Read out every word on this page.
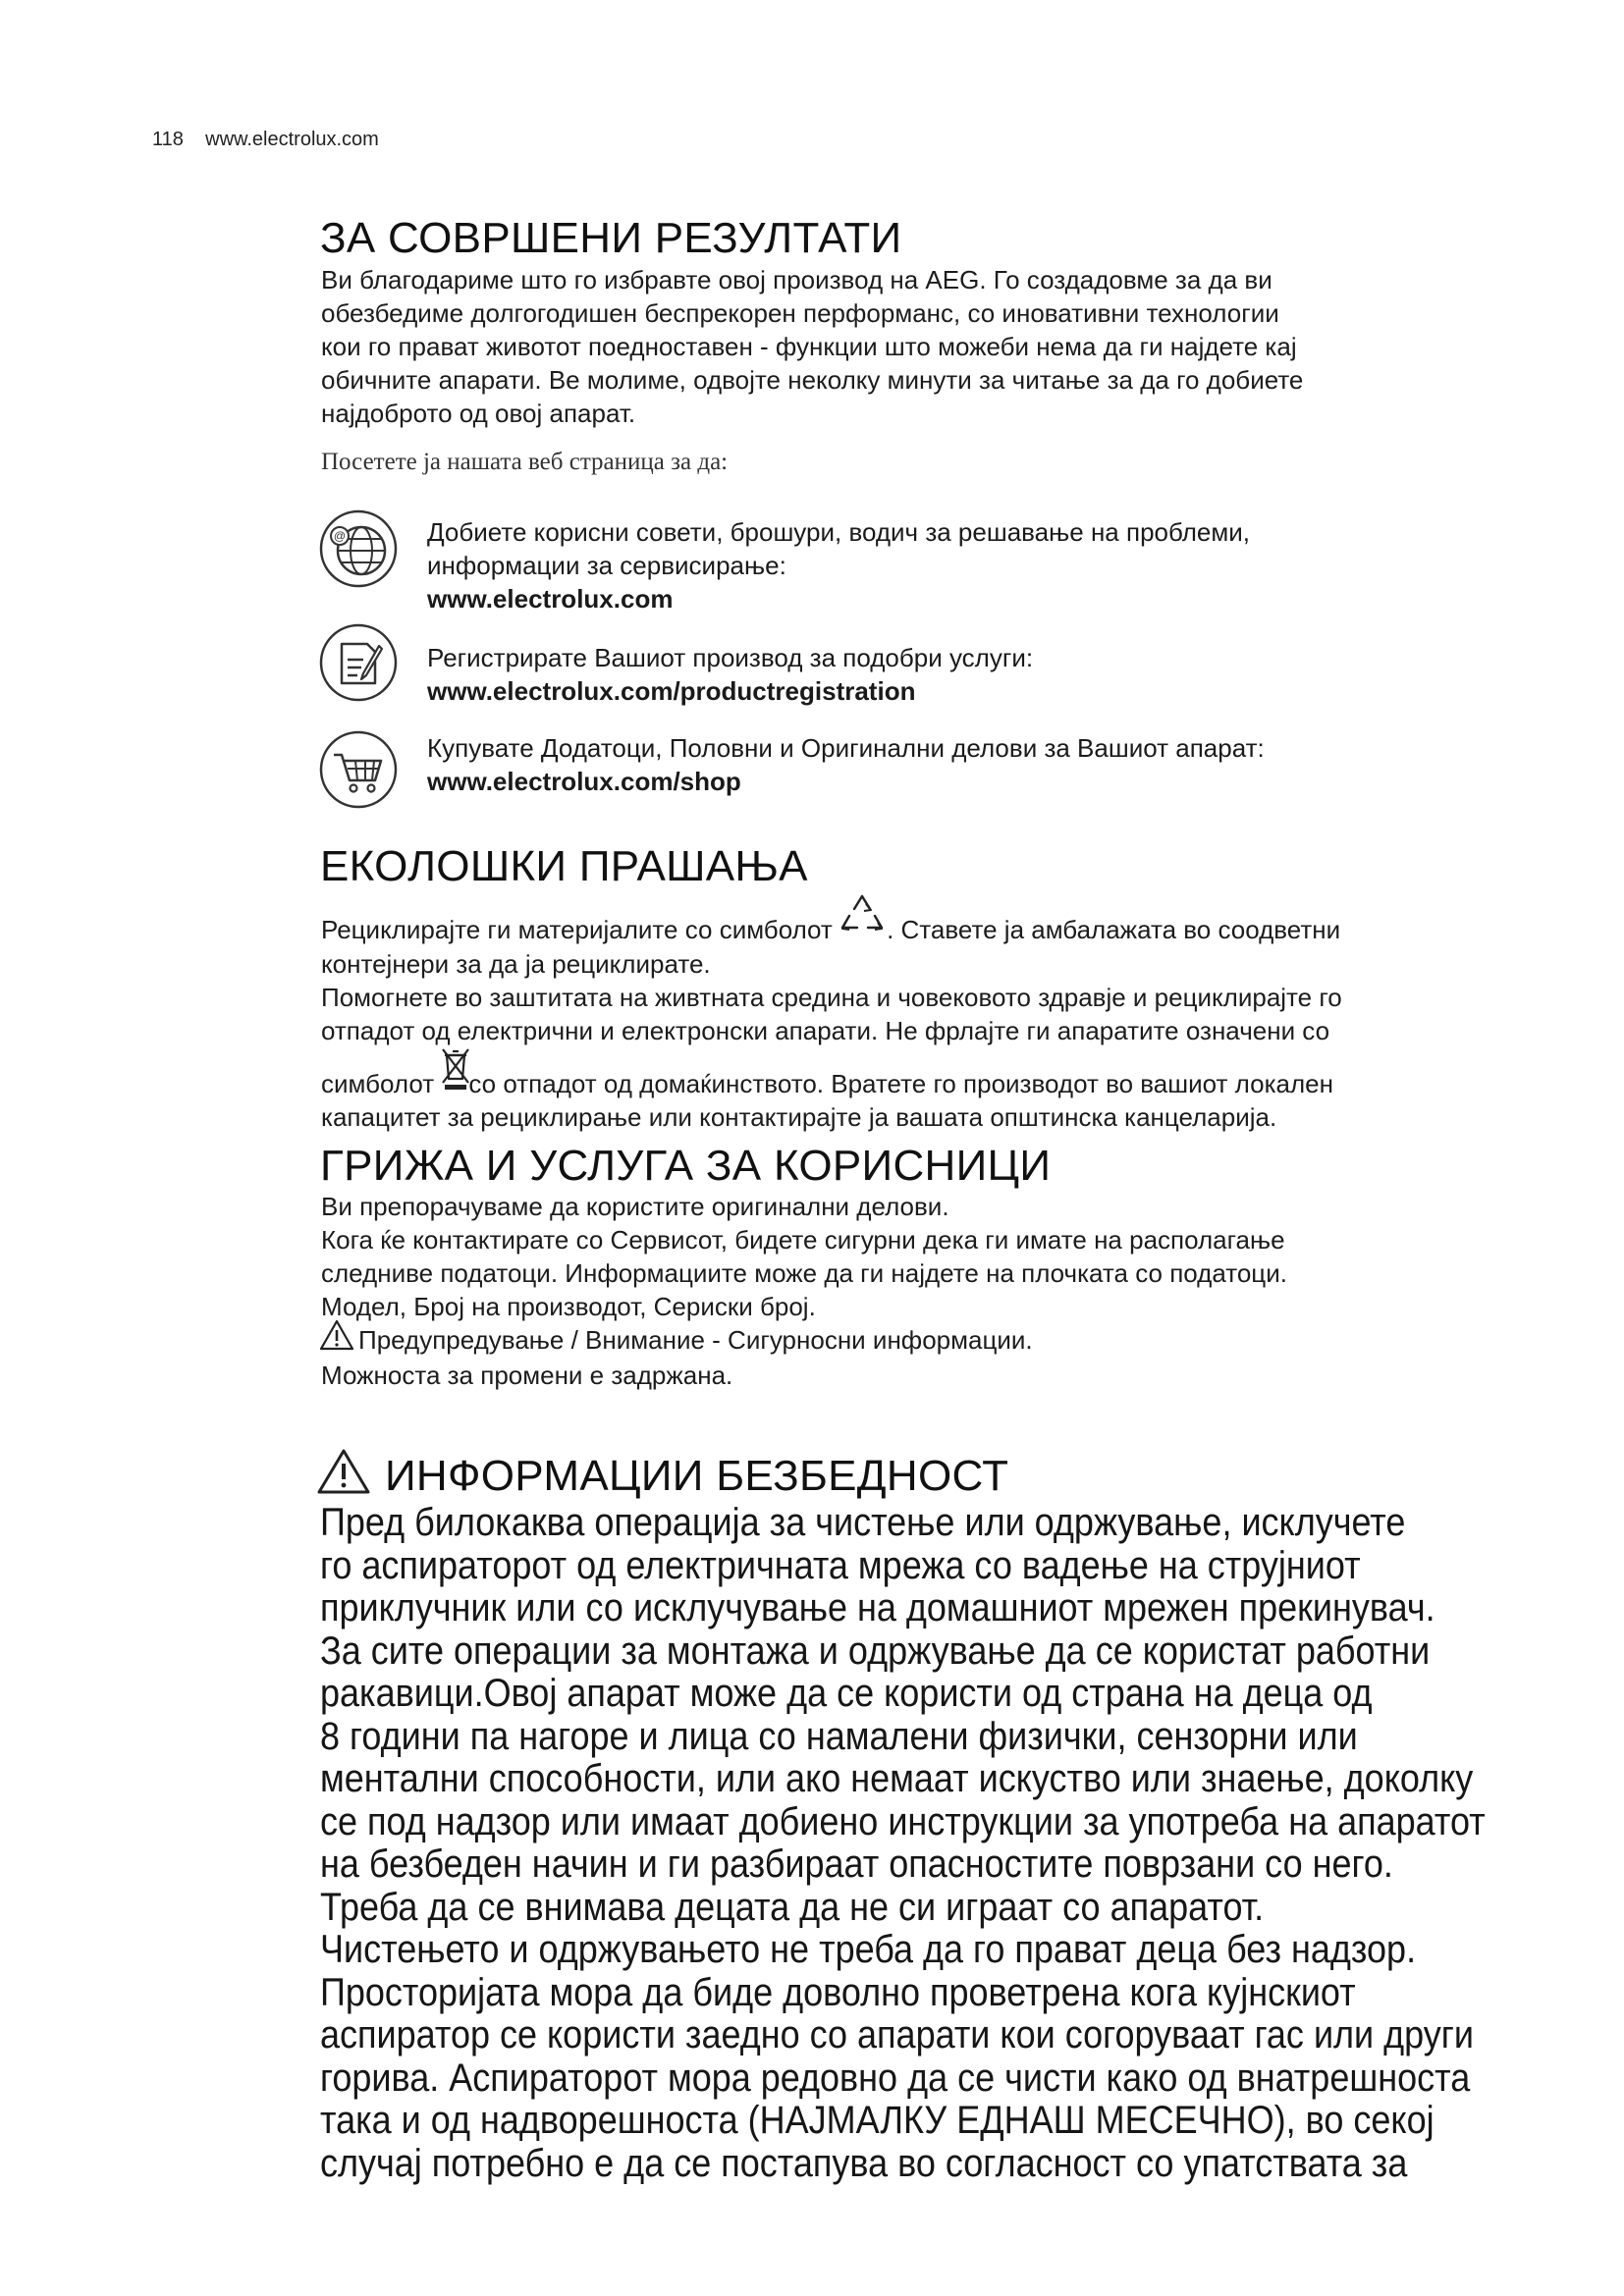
118 www.electrolux.com
ЗА СОВРШЕНИ РЕЗУЛТАТИ
Ви благодариме што го избравте овој производ на AEG. Го создадовме за да ви
обезбедиме долгогодишен беспрекорен перформанс, со иновативни технологии
кои го прават животот поедноставен - функции што можеби нема да ги најдете кај
обичните апарати. Ве молиме, одвојте неколку минути за читање за да го добиете
најдоброто од овој апарат.
Посетете ја нашата веб страница за да:
@	Добиете корисни совети, брошури, водич за решавање на проблеми,
информации за сервисирање:
www.electrolux.com
Регистрирате Вашиот производ за подобри услуги:
www.electrolux.com/productregistration
Купувате Додатоци, Половни и Оригинални делови за Вашиот апарат:
www.electrolux.com/shop
ЕКОЛОШКИ ПРАШАЊА
Рециклирајте ги материјалите со симболот . Ставете ја амбалажата во соодветни
контејнери за да ја рециклирате.
Помогнете во заштитата на живтната средина и човековото здравје и рециклирајте го
отпадот од електрични и електронски апарати. Не фрлајте ги апаратите означени со
симболот со отпадот од домаќинството. Вратете го производот во вашиот локален
капацитет за рециклирање или контактирајте ја вашата општинска канцеларија.
ГРИЖА И УСЛУГА ЗА КОРИСНИЦИ
Ви препорачуваме да користите оригинални делови.
Кога ќе контактирате со Сервисот, бидете сигурни дека ги имате на располагање
следниве податоци. Информациите може да ги најдете на плочката со податоци.
Модел, Број на производот, Сериски број.
Предупредување / Внимание - Сигурносни информации.
Можноста за промени е задржана.
ИНФОРМАЦИИ БЕЗБЕДНОСТ
Пред билокаква операција за чистење или одржување, исклучете
го аспираторот од електричната мрежа со вадење на струјниот
приклучник или со исклучување на домашниот мрежен прекинувач.
За сите операции за монтажа и одржување да се користат работни
ракавици.Овој апарат може да се користи од страна на деца од
8 години па нагоре и лица со намалени физички, сензорни или
ментални способности, или ако немаат искуство или знаење, доколку
се под надзор или имаат добиено инструкции за употреба на апаратот
на безбеден начин и ги разбираат опасностите поврзани со него.
Треба да се внимава децата да не си играат со апаратот.
Чистењето и одржувањето не треба да го прават деца без надзор.
Просторијата мора да биде доволно проветрена кога кујнскиот
аспиратор се користи заедно со апарати кои согоруваат гас или други
горива. Аспираторот мора редовно да се чисти како од внатрешноста
така и од надворешноста (НАЈМАЛКУ ЕДНАШ МЕСЕЧНО), во секој
случај потребно е да се постапува во согласност со упатствата за
